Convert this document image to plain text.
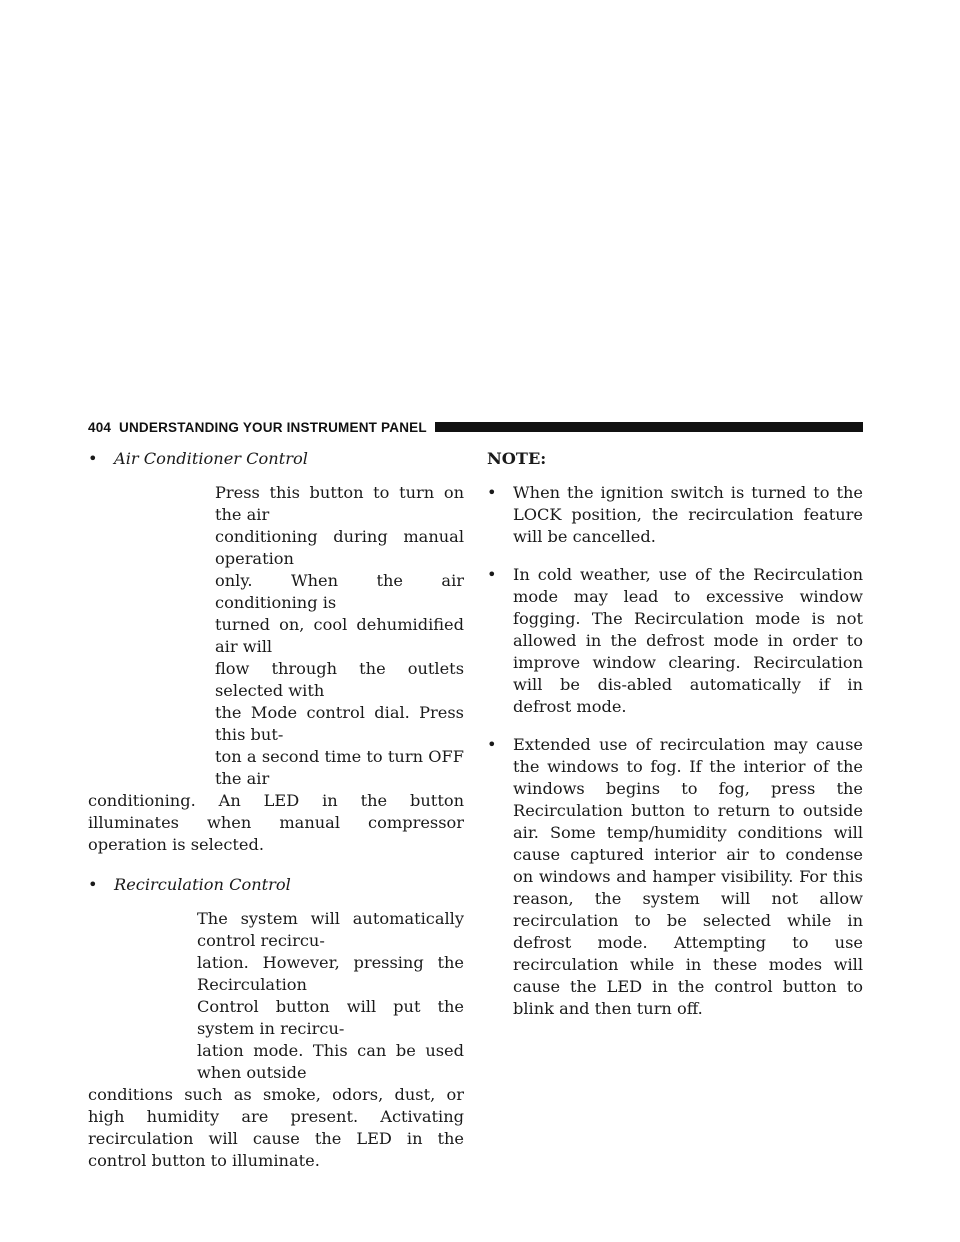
404 UNDERSTANDING YOUR INSTRUMENT PANEL
•	Air Conditioner Control
Press this button to turn on the air
conditioning during manual operation
only. When the air conditioning is
turned on, cool dehumidified air will
flow through the outlets selected with
the Mode control dial. Press this but-
ton a second time to turn OFF the air
conditioning. An LED in the button illuminates when manual compressor operation is selected.
•	Recirculation Control
The system will automatically control recircu-
lation. However, pressing the Recirculation
Control button will put the system in recircu-
lation mode. This can be used when outside
conditions such as smoke, odors, dust, or high humidity are present. Activating recirculation will cause the LED in the control button to illuminate.
NOTE:
•	When the ignition switch is turned to the LOCK position, the recirculation feature will be cancelled.
•	In cold weather, use of the Recirculation mode may lead to excessive window fogging. The Recirculation mode is not allowed in the defrost mode in order to improve window clearing. Recirculation will be dis-abled automatically if in defrost mode.
•	Extended use of recirculation may cause the windows to fog. If the interior of the windows begins to fog, press the Recirculation button to return to outside air. Some temp/humidity conditions will cause captured interior air to condense on windows and hamper visibility. For this reason, the system will not allow recirculation to be selected while in defrost mode. Attempting to use recirculation while in these modes will cause the LED in the control button to blink and then turn off.
